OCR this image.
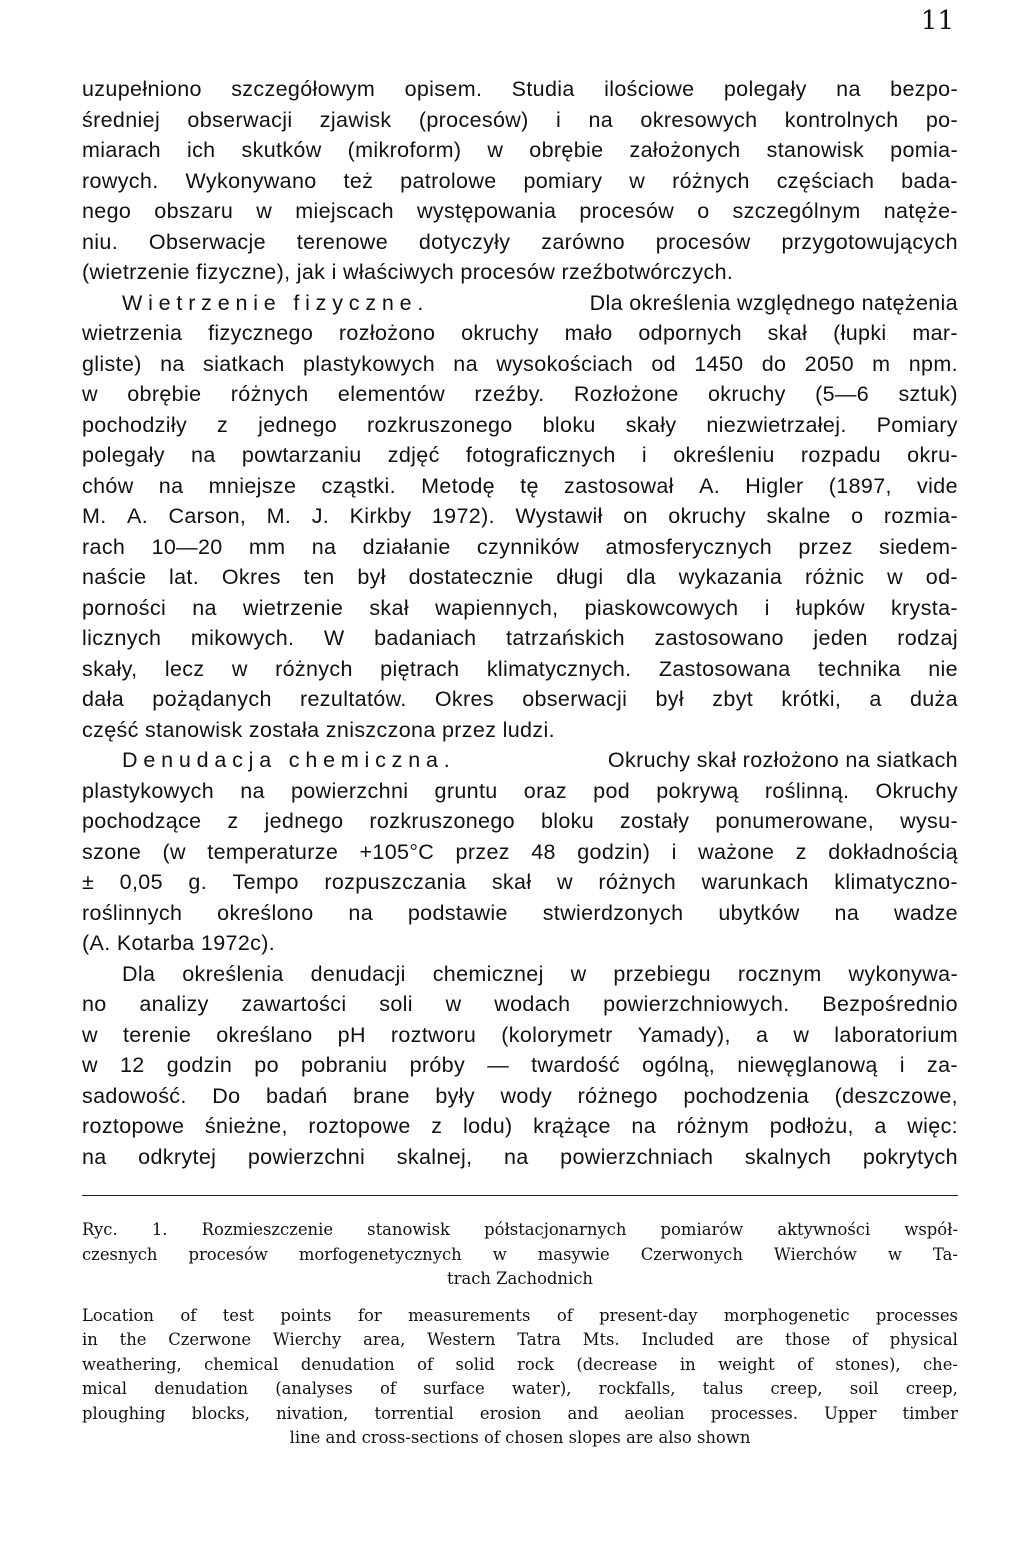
11
uzupełniono szczegółowym opisem. Studia ilościowe polegały na bezpo-
średniej obserwacji zjawisk (procesów) i na okresowych kontrolnych po-
miarach ich skutków (mikroform) w obrębie założonych stanowisk pomia-
rowych. Wykonywano też patrolowe pomiary w różnych częściach bada-
nego obszaru w miejscach występowania procesów o szczególnym natęże-
niu. Obserwacje terenowe dotyczyły zarówno procesów przygotowujących
(wietrzenie fizyczne), jak i właściwych procesów rzeźbotwórczych.
Wietrzenie fizyczne.	Dla określenia względnego natężenia
wietrzenia fizycznego rozłożono okruchy mało odpornych skał (łupki mar-
gliste) na siatkach plastykowych na wysokościach od 1450 do 2050 m npm.
w obrębie różnych elementów rzeźby. Rozłożone okruchy (5—6 sztuk)
pochodziły z jednego rozkruszonego bloku skały niezwietrzałej. Pomiary
polegały na powtarzaniu zdjęć fotograficznych i określeniu rozpadu okru-
chów na mniejsze cząstki. Metodę tę zastosował A. Higler (1897, vide
M. A. Carson, M. J. Kirkby 1972). Wystawił on okruchy skalne o rozmia-
rach 10—20 mm na działanie czynników atmosferycznych przez siedem-
naście lat. Okres ten był dostatecznie długi dla wykazania różnic w od-
porności na wietrzenie skał wapiennych, piaskowcowych i łupków krysta-
licznych mikowych. W badaniach tatrzańskich zastosowano jeden rodzaj
skały, lecz w różnych piętrach klimatycznych. Zastosowana technika nie
dała pożądanych rezultatów. Okres obserwacji był zbyt krótki, a duża
część stanowisk została zniszczona przez ludzi.
Denudacja chemiczna.	Okruchy skał rozłożono na siatkach
plastykowych na powierzchni gruntu oraz pod pokrywą roślinną. Okruchy
pochodzące z jednego rozkruszonego bloku zostały ponumerowane, wysu-
szone (w temperaturze +105°C przez 48 godzin) i ważone z dokładnością
± 0,05 g. Tempo rozpuszczania skał w różnych warunkach klimatyczno-
roślinnych określono na podstawie stwierdzonych ubytków na wadze
(A. Kotarba 1972c).
Dla określenia denudacji chemicznej w przebiegu rocznym wykonywa-
no analizy zawartości soli w wodach powierzchniowych. Bezpośrednio
w terenie określano pH roztworu (kolorymetr Yamady), a w laboratorium
w 12 godzin po pobraniu próby — twardość ogólną, niewęglanową i za-
sadowość. Do badań brane były wody różnego pochodzenia (deszczowe,
roztopowe śnieżne, roztopowe z lodu) krążące na różnym podłożu, a więc:
na odkrytej powierzchni skalnej, na powierzchniach skalnych pokrytych
Ryc. 1. Rozmieszczenie stanowisk półstacjonarnych pomiarów aktywności współ-
czesnych procesów morfogenetycznych w masywie Czerwonych Wierchów w Ta-
trach Zachodnich
Location of test points for measurements of present-day morphogenetic processes
in the Czerwone Wierchy area, Western Tatra Mts. Included are those of physical
weathering, chemical denudation of solid rock (decrease in weight of stones), che-
mical denudation (analyses of surface water), rockfalls, talus creep, soil creep,
ploughing blocks, nivation, torrential erosion and aeolian processes. Upper timber
line and cross-sections of chosen slopes are also shown
